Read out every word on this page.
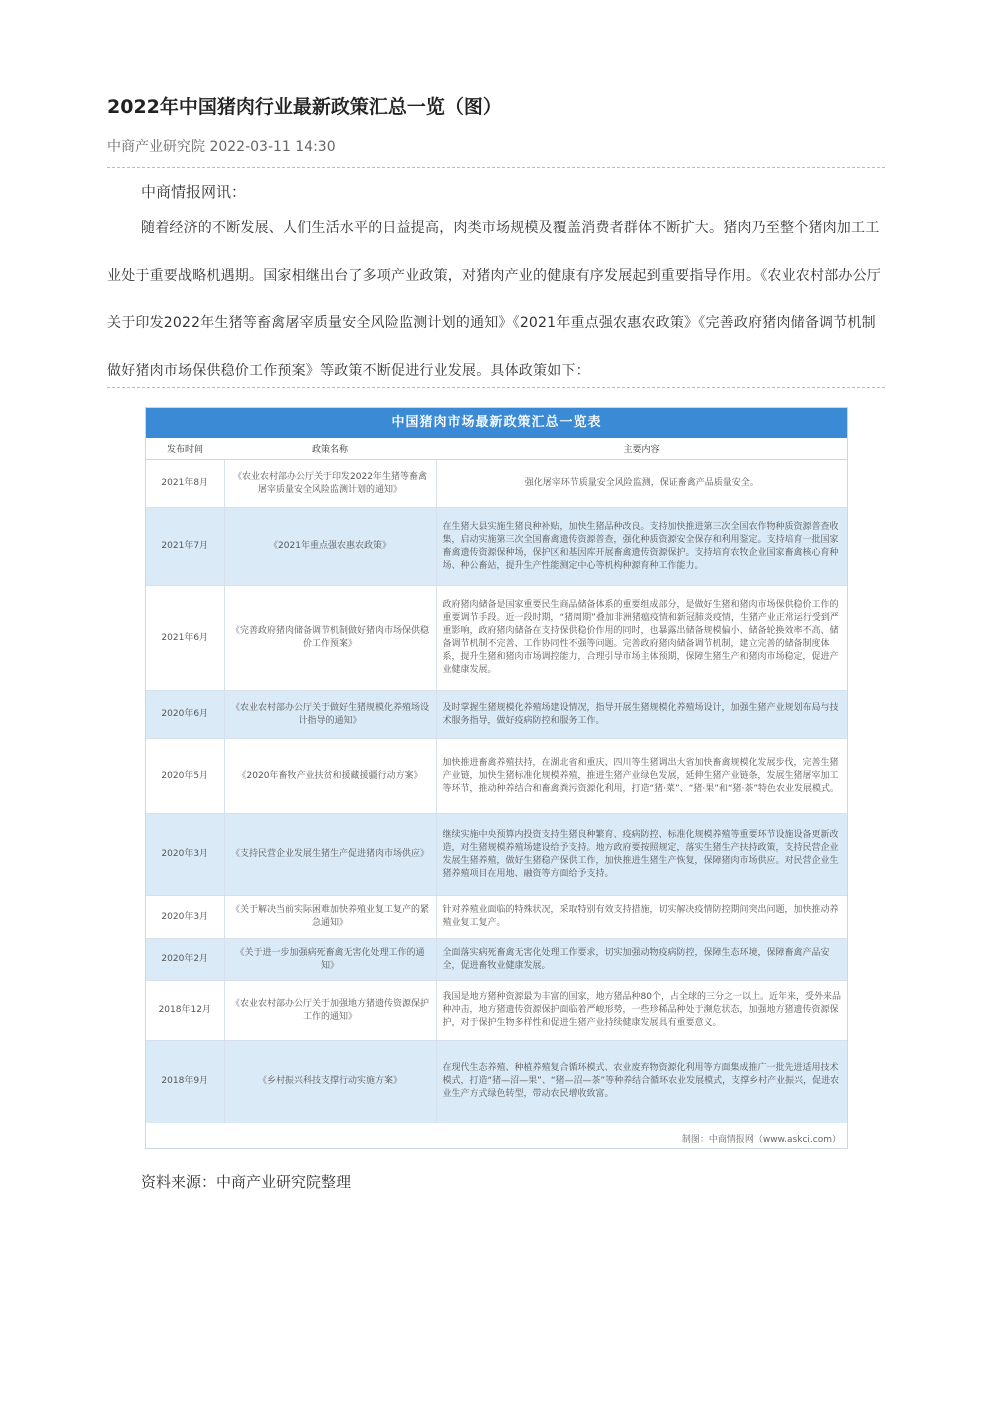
2022年中国猪肉行业最新政策汇总一览（图）
中商产业研究院 2022-03-11 14:30
中商情报网讯：
随着经济的不断发展、人们生活水平的日益提高，肉类市场规模及覆盖消费者群体不断扩大。猪肉乃至整个猪肉加工工业处于重要战略机遇期。国家相继出台了多项产业政策，对猪肉产业的健康有序发展起到重要指导作用。《农业农村部办公厅关于印发2022年生猪等畜禽屠宰质量安全风险监测计划的通知》《2021年重点强农惠农政策》《完善政府猪肉储备调节机制做好猪肉市场保供稳价工作预案》等政策不断促进行业发展。具体政策如下：
中国猪肉市场最新政策汇总一览表
发布时间	政策名称	主要内容
2021年8月	《农业农村部办公厅关于印发2022年生猪等畜禽屠宰质量安全风险监测计划的通知》	强化屠宰环节质量安全风险监测，保证畜禽产品质量安全。
2021年7月	《2021年重点强农惠农政策》	在生猪大县实施生猪良种补贴，加快生猪品种改良。支持加快推进第三次全国农作物种质资源普查收集，启动实施第三次全国畜禽遗传资源普查，强化种质资源安全保存和利用鉴定。支持培育一批国家畜禽遗传资源保种场，保护区和基因库开展畜禽遗传资源保护。支持培育农牧企业国家畜禽核心育种场、种公畜站，提升生产性能测定中心等机构种源育种工作能力。
2021年6月	《完善政府猪肉储备调节机制做好猪肉市场保供稳价工作预案》	政府猪肉储备是国家重要民生商品储备体系的重要组成部分，是做好生猪和猪肉市场保供稳价工作的重要调节手段。近一段时期，“猪周期”叠加非洲猪瘟疫情和新冠肺炎疫情，生猪产业正常运行受到严重影响，政府猪肉储备在支持保供稳价作用的同时，也暴露出储备规模偏小、储备轮换效率不高、储备调节机制不完善、工作协同性不强等问题。完善政府猪肉储备调节机制，建立完善的储备制度体系，提升生猪和猪肉市场调控能力，合理引导市场主体预期，保障生猪生产和猪肉市场稳定，促进产业健康发展。
2020年6月	《农业农村部办公厅关于做好生猪规模化养殖场设计指导的通知》	及时掌握生猪规模化养殖场建设情况，指导开展生猪规模化养殖场设计，加强生猪产业规划布局与技术服务指导，做好疫病防控和服务工作。
2020年5月	《2020年畜牧产业扶贫和援藏援疆行动方案》	加快推进畜禽养殖扶持，在湖北省和重庆、四川等生猪调出大省加快畜禽规模化发展步伐，完善生猪产业链，加快生猪标准化规模养殖，推进生猪产业绿色发展，延伸生猪产业链条，发展生猪屠宰加工等环节，推动种养结合和畜禽粪污资源化利用，打造“猪·菜”、“猪·果”和“猪·茶”特色农业发展模式。
2020年3月	《支持民营企业发展生猪生产促进猪肉市场供应》	继续实施中央预算内投资支持生猪良种繁育、疫病防控、标准化规模养殖等重要环节设施设备更新改造，对生猪规模养殖场建设给予支持。地方政府要按照规定，落实生猪生产扶持政策，支持民营企业发展生猪养殖，做好生猪稳产保供工作，加快推进生猪生产恢复，保障猪肉市场供应。对民营企业生猪养殖项目在用地、融资等方面给予支持。
2020年3月	《关于解决当前实际困难加快养殖业复工复产的紧急通知》	针对养殖业面临的特殊状况，采取特别有效支持措施，切实解决疫情防控期间突出问题，加快推动养殖业复工复产。
2020年2月	《关于进一步加强病死畜禽无害化处理工作的通知》	全面落实病死畜禽无害化处理工作要求，切实加强动物疫病防控，保障生态环境，保障畜禽产品安全，促进畜牧业健康发展。
2018年12月	《农业农村部办公厅关于加强地方猪遗传资源保护工作的通知》	我国是地方猪种资源最为丰富的国家，地方猪品种80个，占全球的三分之一以上。近年来，受外来品种冲击，地方猪遗传资源保护面临着严峻形势，一些珍稀品种处于濒危状态，加强地方猪遗传资源保护，对于保护生物多样性和促进生猪产业持续健康发展具有重要意义。
2018年9月	《乡村振兴科技支撑行动实施方案》	在现代生态养殖、种植养殖复合循环模式、农业废弃物资源化利用等方面集成推广一批先进适用技术模式，打造“猪—沼—果”、“猪—沼—茶”等种养结合循环农业发展模式，支撑乡村产业振兴，促进农业生产方式绿色转型，带动农民增收致富。
制图：中商情报网（www.askci.com）
资料来源：中商产业研究院整理
